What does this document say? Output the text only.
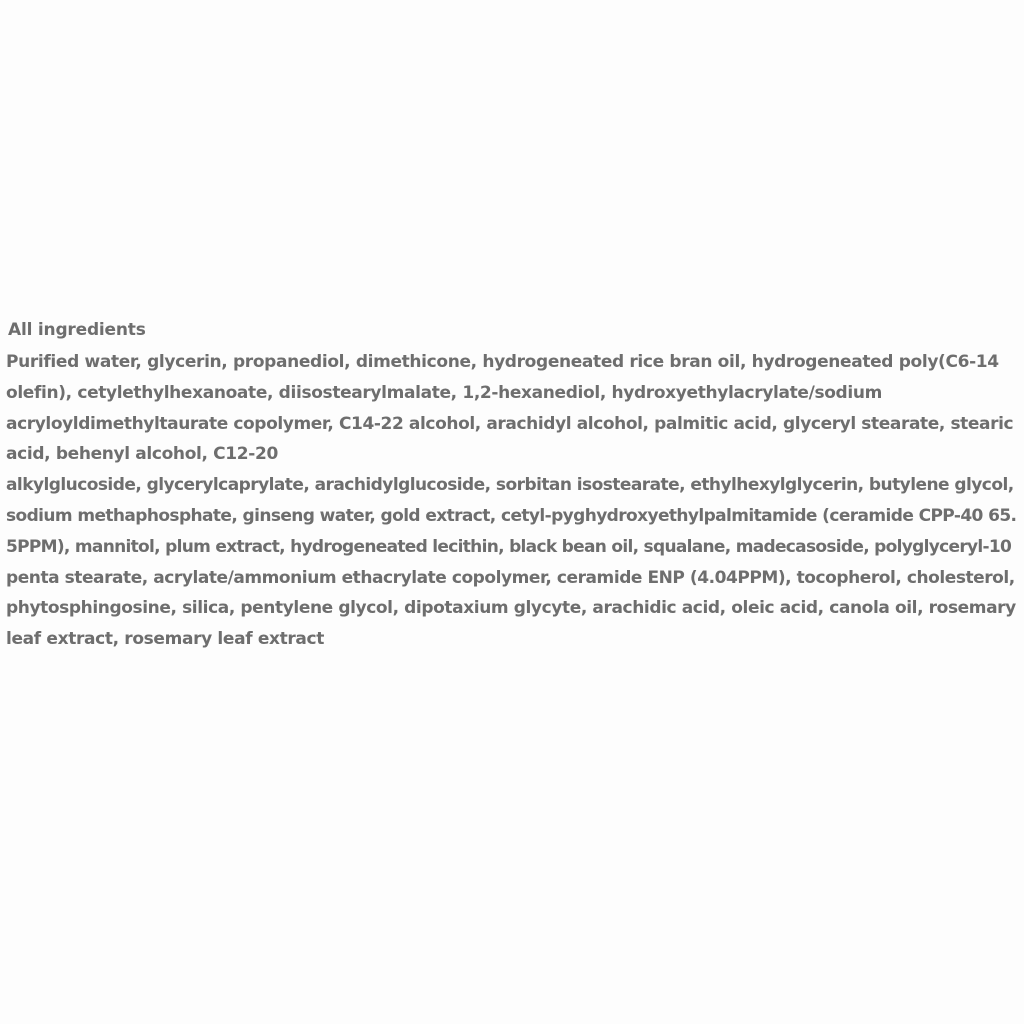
All ingredients

Purified water, glycerin, propanediol, dimethicone, hydrogeneated rice bran oil, hydrogeneated poly(C6-14

olefin), cetylethylhexanoate, diisostearylmalate, 1,2-hexanediol, hydroxyethylacrylate/sodium

acryloyldimethyltaurate copolymer, C14-22 alcohol, arachidyl alcohol, palmitic acid, glyceryl stearate, stearic

acid, behenyl alcohol, C12-20

alkylglucoside, glycerylcaprylate, arachidylglucoside, sorbitan isostearate, ethylhexylglycerin, butylene glycol,

sodium methaphosphate, ginseng water, gold extract, cetyl-pyghydroxyethylpalmitamide (ceramide CPP-40 65.

5PPM), mannitol, plum extract, hydrogeneated lecithin, black bean oil, squalane, madecasoside, polyglyceryl-10

penta stearate, acrylate/ammonium ethacrylate copolymer, ceramide ENP (4.04PPM), tocopherol, cholesterol,

phytosphingosine, silica, pentylene glycol, dipotaxium glycyte, arachidic acid, oleic acid, canola oil, rosemary

leaf extract, rosemary leaf extract
